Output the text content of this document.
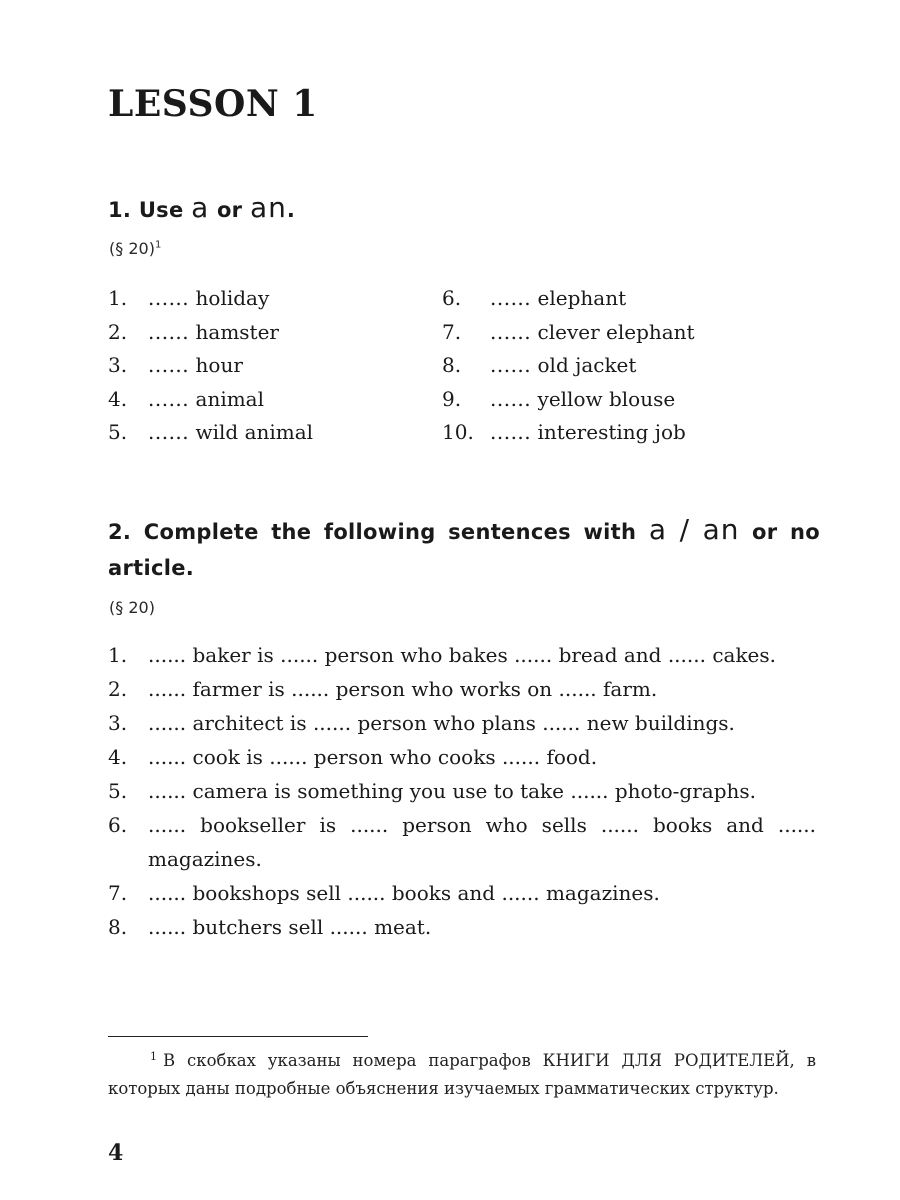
LESSON 1
1. Use a or an.
(§ 20)$^1$
1. ...... holiday
2. ...... hamster
3. ...... hour
4. ...... animal
5. ...... wild animal
6. ...... elephant
7. ...... clever elephant
8. ...... old jacket
9. ...... yellow blouse
10. ...... interesting job
2. Complete the following sentences with a / an or no article.
(§ 20)
1. ...... baker is ...... person who bakes ...... bread and ...... cakes.
2. ...... farmer is ...... person who works on ...... farm.
3. ...... architect is ...... person who plans ...... new buildings.
4. ...... cook is ...... person who cooks ...... food.
5. ...... camera is something you use to take ...... photo-graphs.
6. ...... bookseller is ...... person who sells ...... books and ...... magazines.
7. ...... bookshops sell ...... books and ...... magazines.
8. ...... butchers sell ...... meat.

$^1$ В скобках указаны номера параграфов КНИГИ ДЛЯ РОДИТЕЛЕЙ, в которых даны подробные объяснения изучаемых грамматических структур.

4
